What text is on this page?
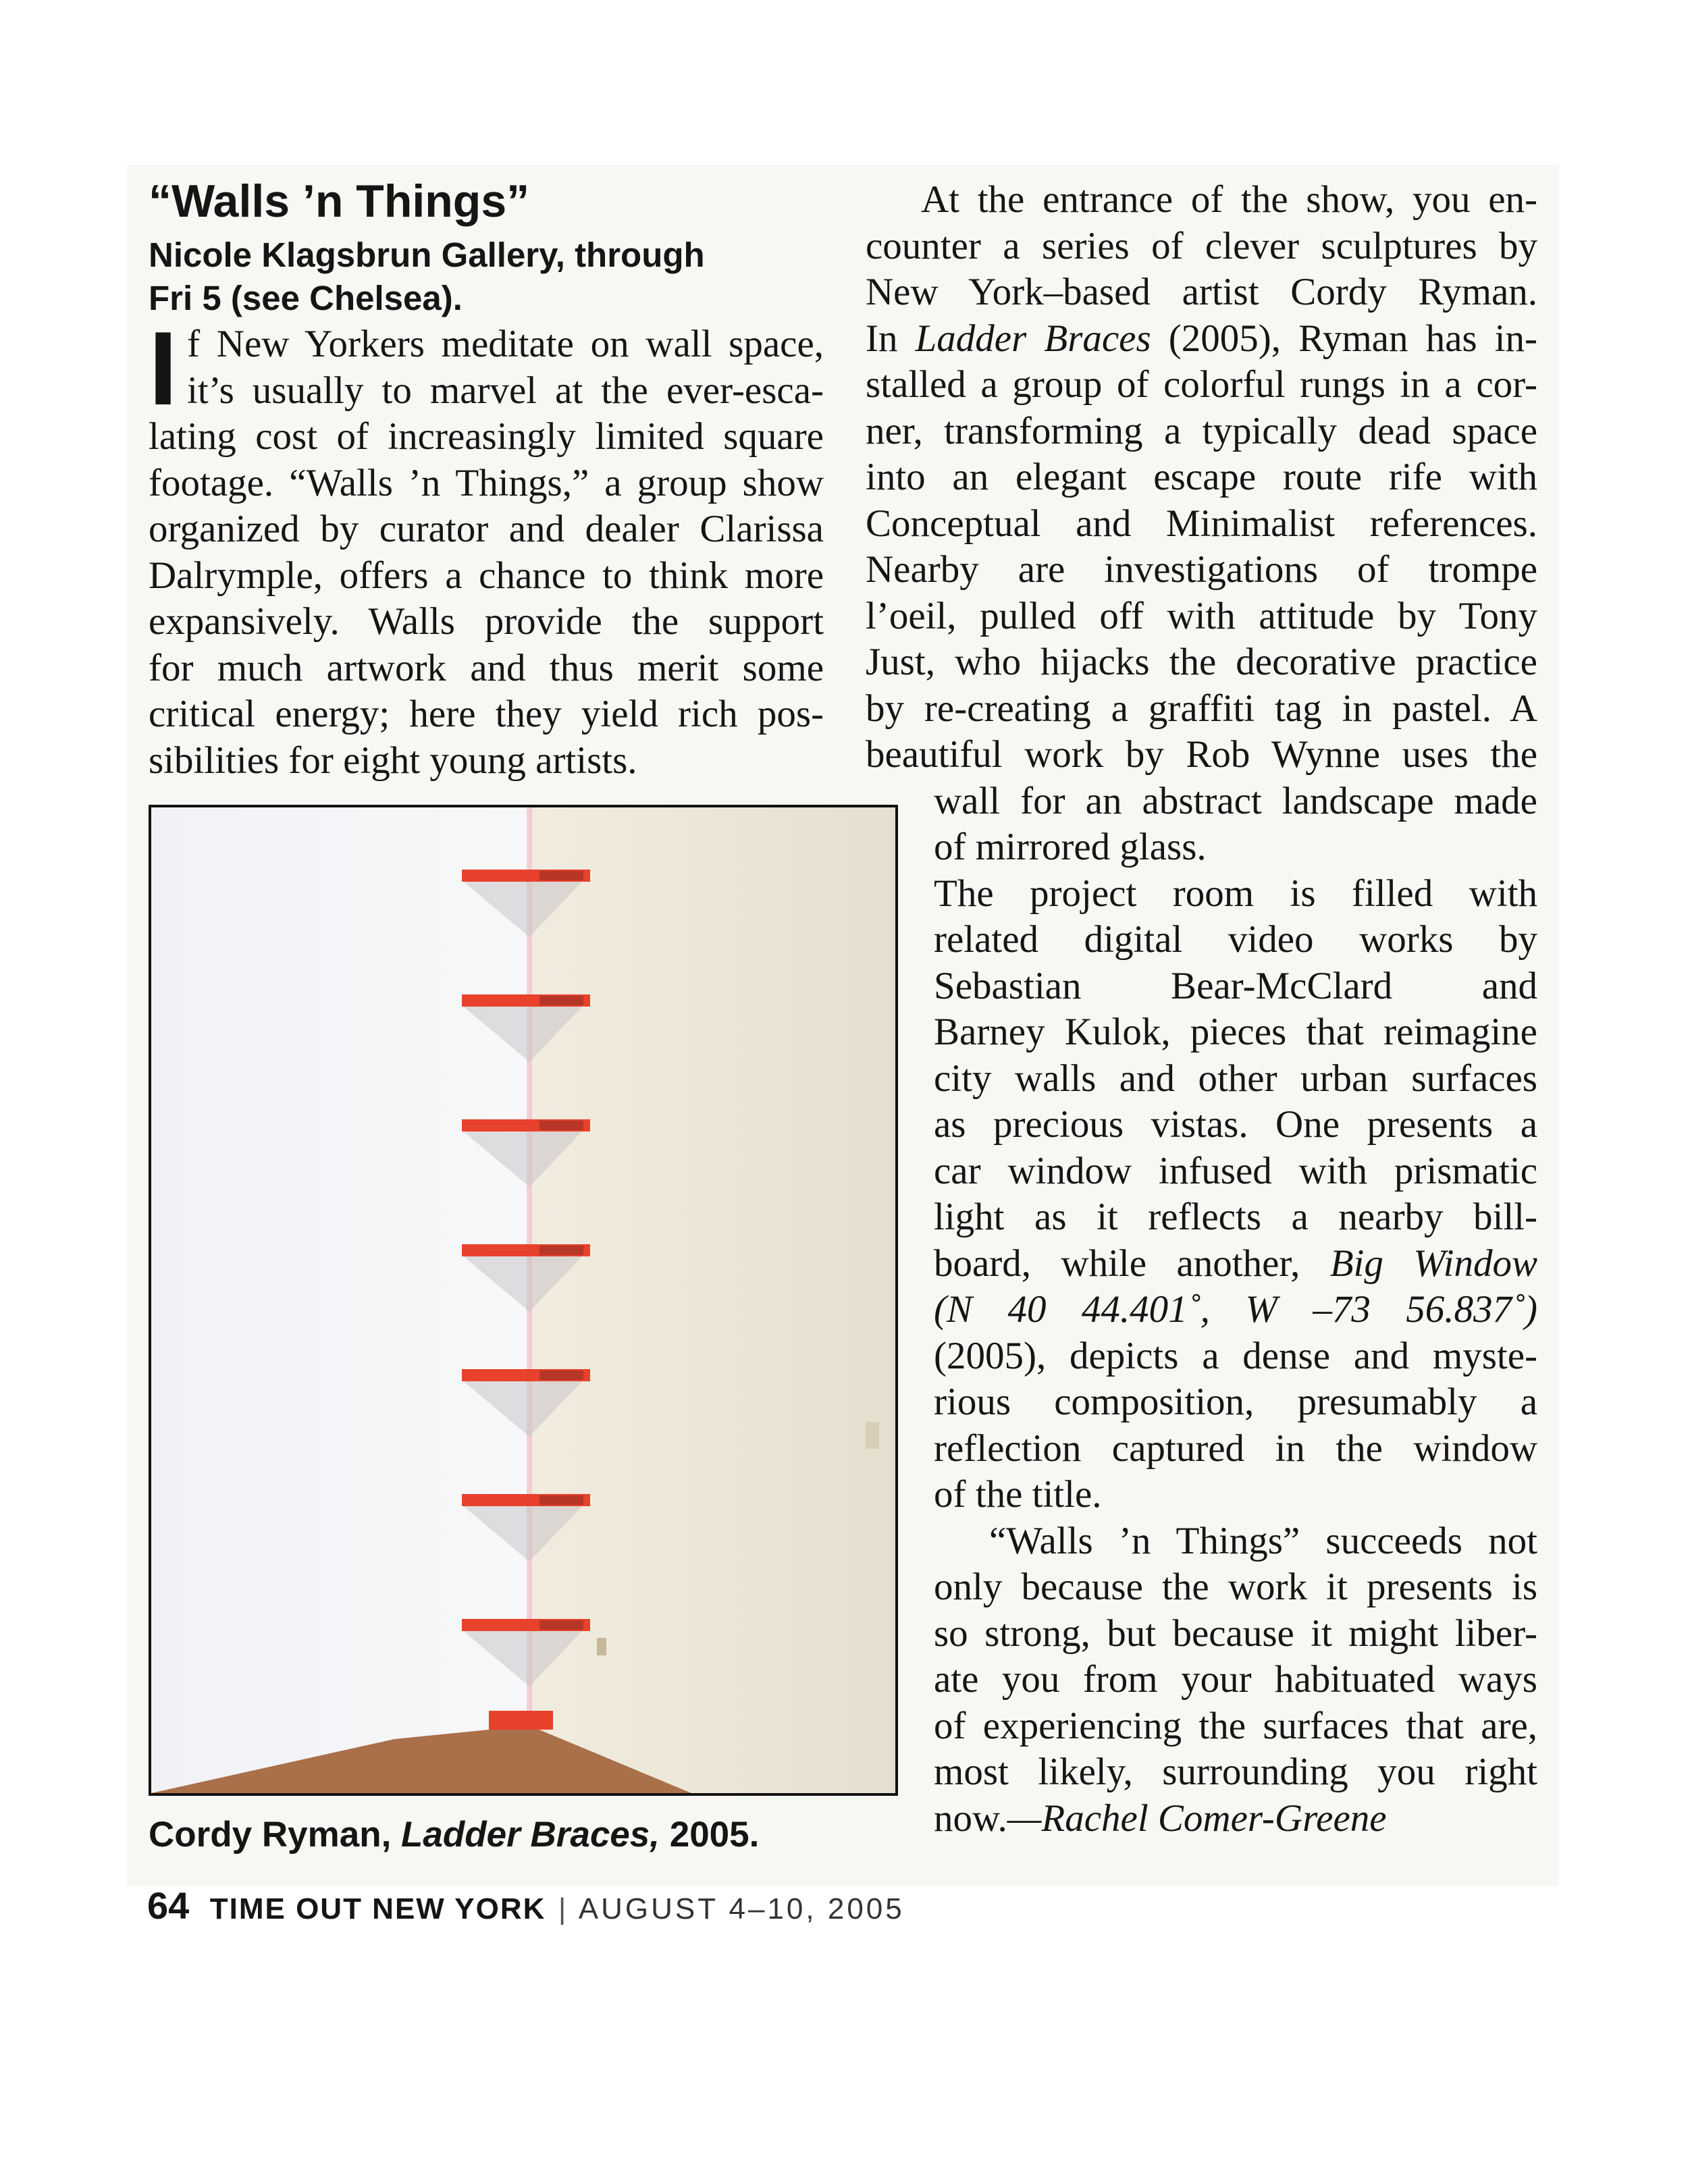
“Walls ’n Things”

Nicole Klagsbrun Gallery, through

Fri 5 (see Chelsea).

I f New Yorkers meditate on wall space,
it’s usually to marvel at the ever-esca-
lating cost of increasingly limited square
footage. “Walls ’n Things,” a group show
organized by curator and dealer Clarissa
Dalrymple, offers a chance to think more
expansively. Walls provide the support
for much artwork and thus merit some
critical energy; here they yield rich pos-
sibilities for eight young artists.
At the entrance of the show, you en-
counter a series of clever sculptures by
New York–based artist Cordy Ryman.
In Ladder Braces (2005), Ryman has in-
stalled a group of colorful rungs in a cor-
ner, transforming a typically dead space
into an elegant escape route rife with
Conceptual and Minimalist references.
Nearby are investigations of trompe
l’oeil, pulled off with attitude by Tony
Just, who hijacks the decorative practice
by re-creating a graffiti tag in pastel. A
beautiful work by Rob Wynne uses the
wall for an abstract landscape made
of mirrored glass.
The project room is filled with
related digital video works by
Sebastian Bear-McClard and
Barney Kulok, pieces that reimagine
city walls and other urban surfaces
as precious vistas. One presents a
car window infused with prismatic
light as it reflects a nearby bill-
board, while another, Big Window
(N 40 44.401˚, W –73 56.837˚)
(2005), depicts a dense and myste-
rious composition, presumably a
reflection captured in the window
of the title.
“Walls ’n Things” succeeds not
only because the work it presents is
so strong, but because it might liber-
ate you from your habituated ways
of experiencing the surfaces that are,
most likely, surrounding you right
now.—Rachel Comer-Greene
Cordy Ryman, Ladder Braces, 2005.
64 TIME OUT NEW YORK | AUGUST 4–10, 2005
